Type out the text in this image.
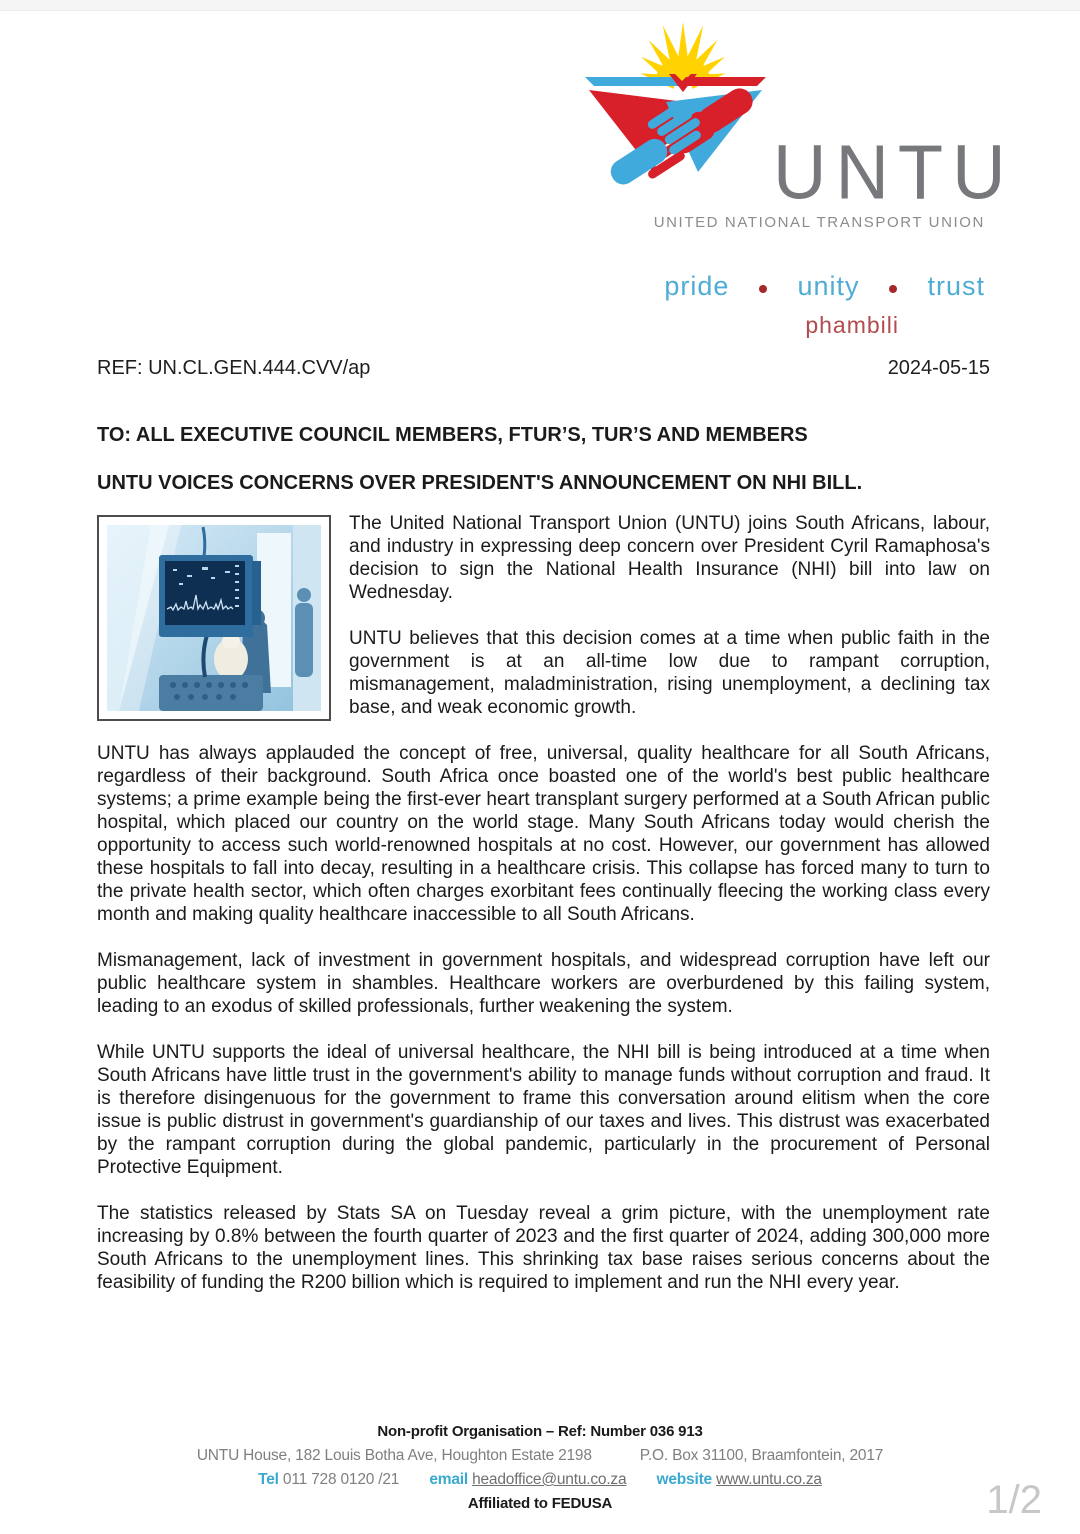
UNTU
UNITED NATIONAL TRANSPORT UNION
pride	unity	trust
phambili
REF: UN.CL.GEN.444.CVV/ap	2024-05-15
TO: ALL EXECUTIVE COUNCIL MEMBERS, FTUR’S, TUR’S AND MEMBERS
UNTU VOICES CONCERNS OVER PRESIDENT'S ANNOUNCEMENT ON NHI BILL.

The United National Transport Union (UNTU) joins South Africans, labour, and industry in expressing deep concern over President Cyril Ramaphosa's decision to sign the National Health Insurance (NHI) bill into law on Wednesday.

UNTU believes that this decision comes at a time when public faith in the government is at an all-time low due to rampant corruption, mismanagement, maladministration, rising unemployment, a declining tax base, and weak economic growth.

UNTU has always applauded the concept of free, universal, quality healthcare for all South Africans, regardless of their background. South Africa once boasted one of the world's best public healthcare systems; a prime example being the first-ever heart transplant surgery performed at a South African public hospital, which placed our country on the world stage. Many South Africans today would cherish the opportunity to access such world-renowned hospitals at no cost. However, our government has allowed these hospitals to fall into decay, resulting in a healthcare crisis. This collapse has forced many to turn to the private health sector, which often charges exorbitant fees continually fleecing the working class every month and making quality healthcare inaccessible to all South Africans.

Mismanagement, lack of investment in government hospitals, and widespread corruption have left our public healthcare system in shambles. Healthcare workers are overburdened by this failing system, leading to an exodus of skilled professionals, further weakening the system.

While UNTU supports the ideal of universal healthcare, the NHI bill is being introduced at a time when South Africans have little trust in the government's ability to manage funds without corruption and fraud. It is therefore disingenuous for the government to frame this conversation around elitism when the core issue is public distrust in government's guardianship of our taxes and lives. This distrust was exacerbated by the rampant corruption during the global pandemic, particularly in the procurement of Personal Protective Equipment.

The statistics released by Stats SA on Tuesday reveal a grim picture, with the unemployment rate increasing by 0.8% between the fourth quarter of 2023 and the first quarter of 2024, adding 300,000 more South Africans to the unemployment lines. This shrinking tax base raises serious concerns about the feasibility of funding the R200 billion which is required to implement and run the NHI every year.

Non-profit Organisation – Ref: Number 036 913
UNTU House, 182 Louis Botha Ave, Houghton Estate 2198	P.O. Box 31100, Braamfontein, 2017
Tel 011 728 0120 /21 email headoffice@untu.co.za website www.untu.co.za
Affiliated to FEDUSA	1/2
